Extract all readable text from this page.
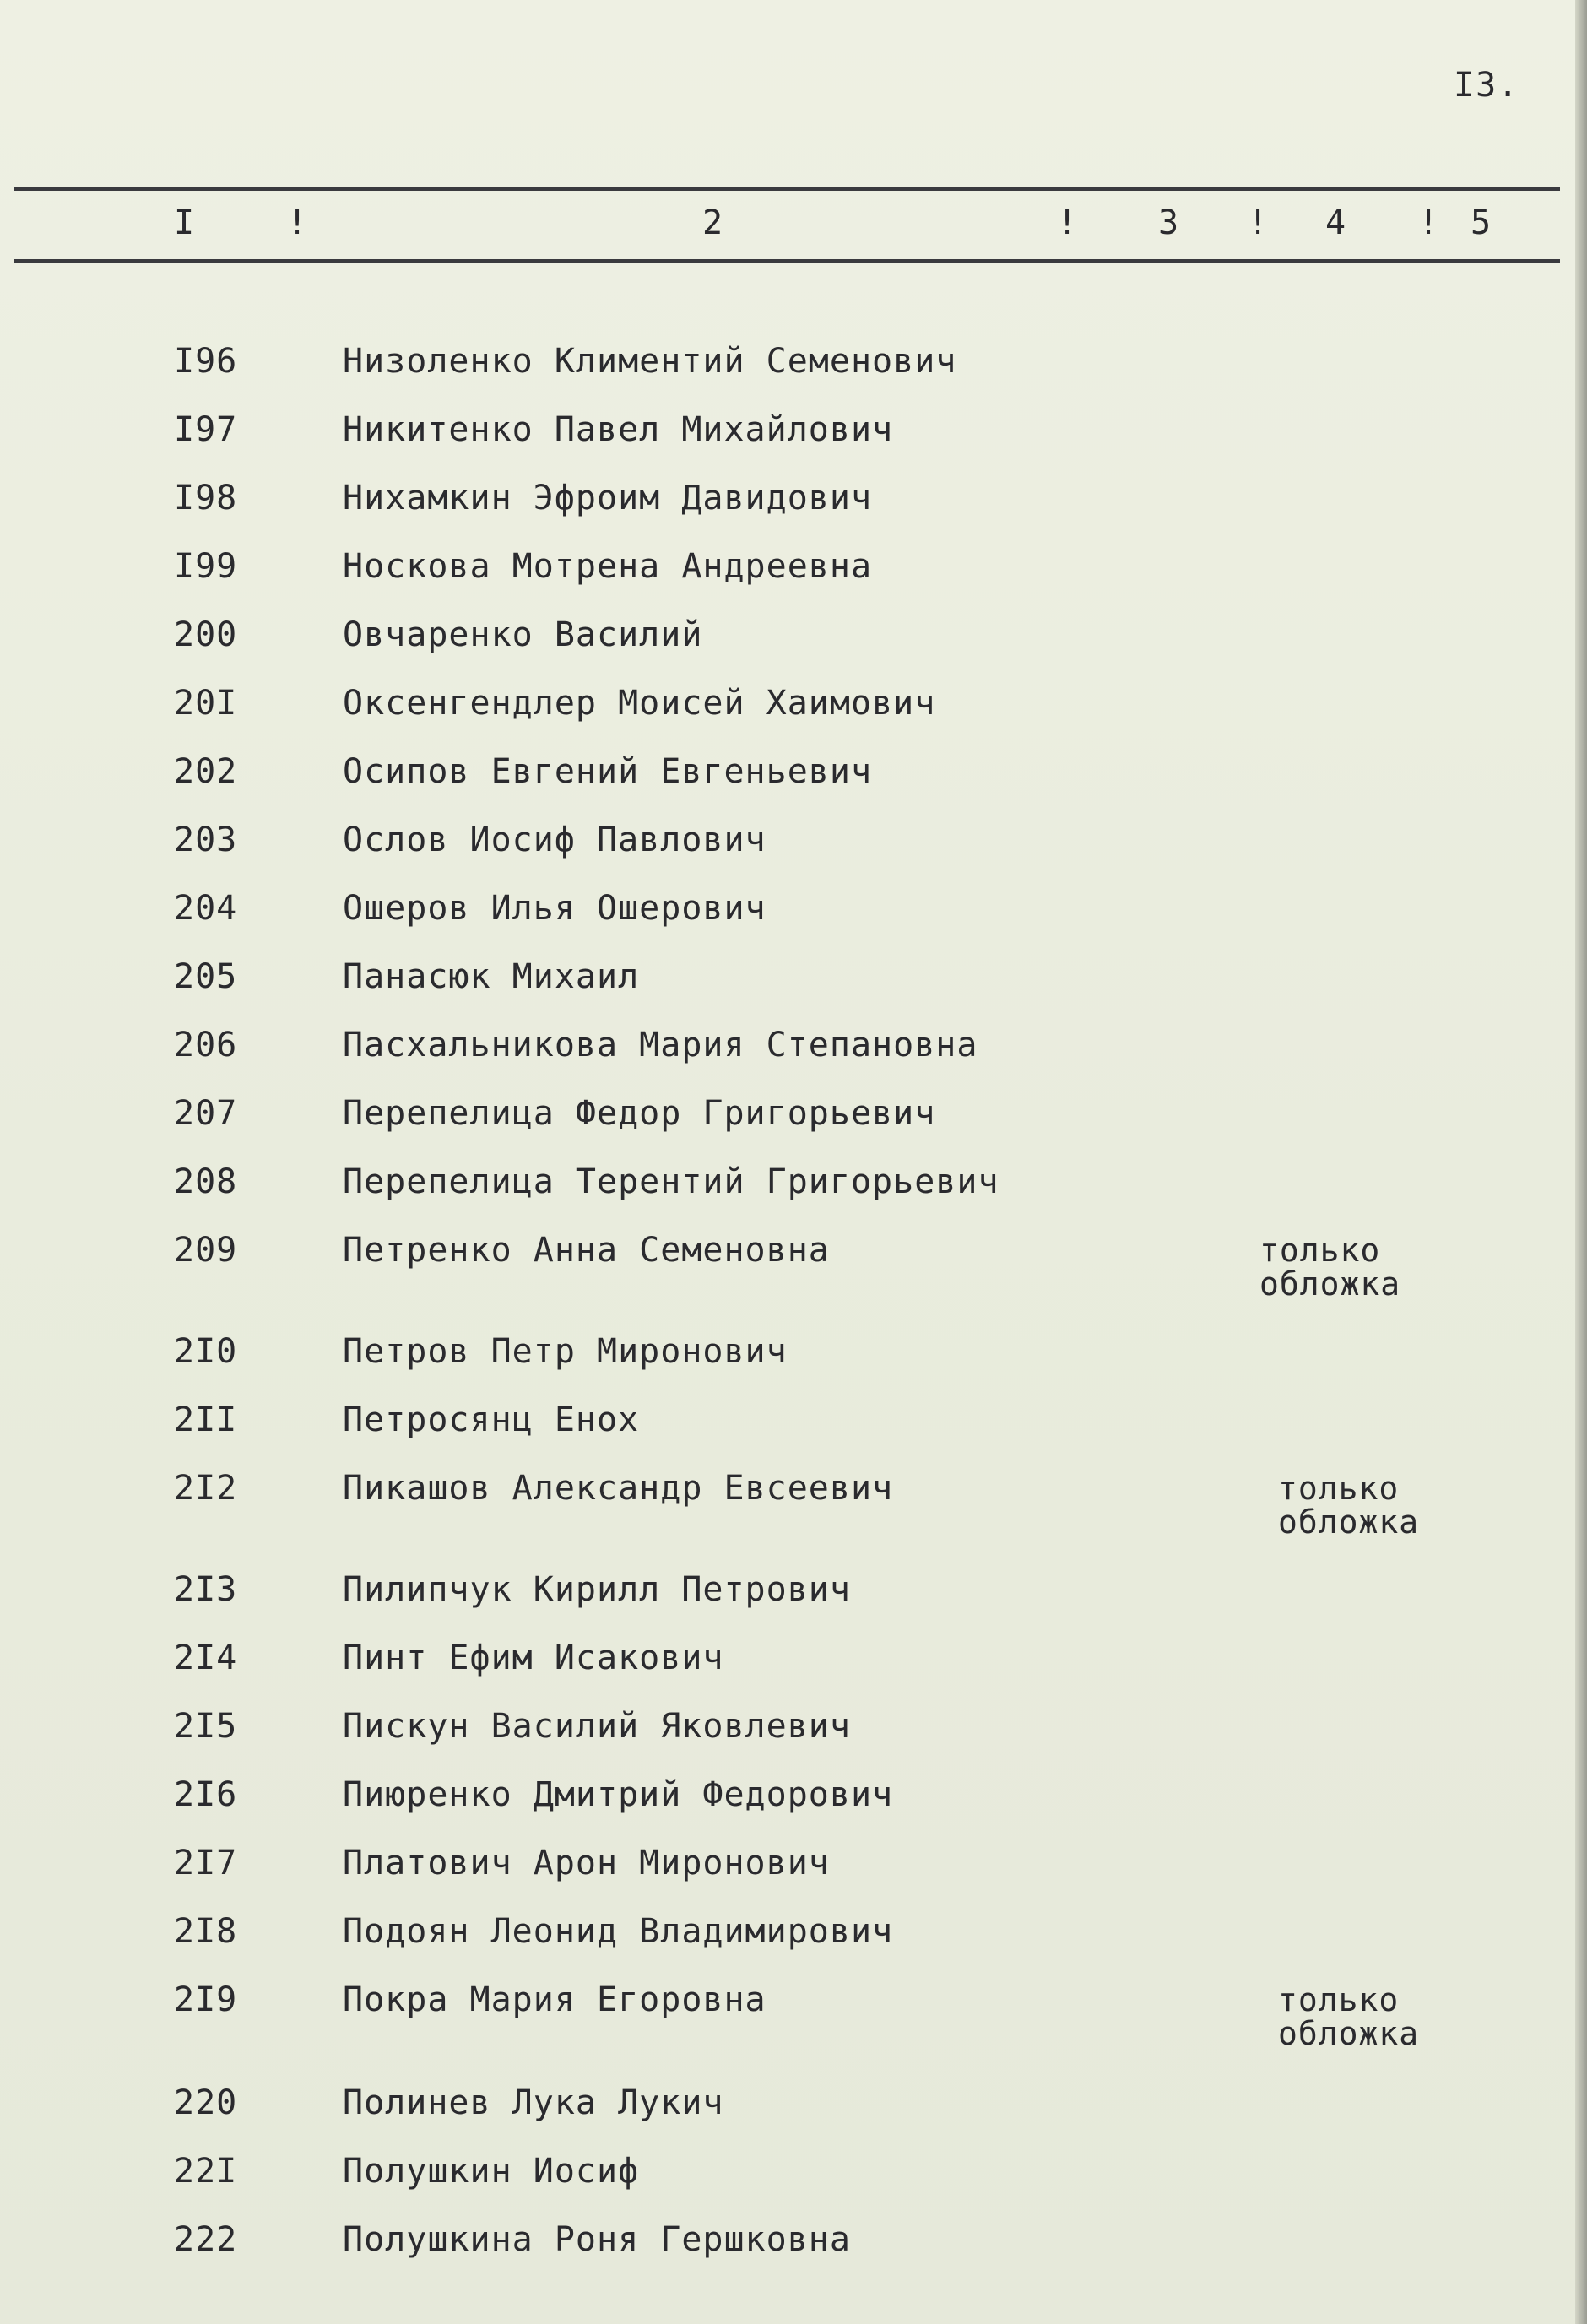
I3.
I	!	2	! 3 ! 4 ! 5
I96	Низоленко Климентий Семенович
I97	Никитенко Павел Михайлович
I98	Нихамкин Эфроим Давидович
I99	Носкова Мотрена Андреевна
200	Овчаренко Василий
20I	Оксенгендлер Моисей Хаимович
202	Осипов Евгений Евгеньевич
203	Ослов Иосиф Павлович
204	Ошеров Илья Ошерович
205	Панасюк Михаил
206	Пасхальникова Мария Степановна
207	Перепелица Федор Григорьевич
208	Перепелица Терентий Григорьевич
209	Петренко Анна Семеновна	только
обложка
2I0	Петров Петр Миронович
2II	Петросянц Енох
2I2	Пикашов Александр Евсеевич	только
обложка
2I3	Пилипчук Кирилл Петрович
2I4	Пинт Ефим Исакович
2I5	Пискун Василий Яковлевич
2I6	Пиюренко Дмитрий Федорович
2I7	Платович Арон Миронович
2I8	Подоян Леонид Владимирович
2I9	Покра Мария Егоровна	только
обложка
220	Полинев Лука Лукич
22I	Полушкин Иосиф
222	Полушкина Роня Гершковна
